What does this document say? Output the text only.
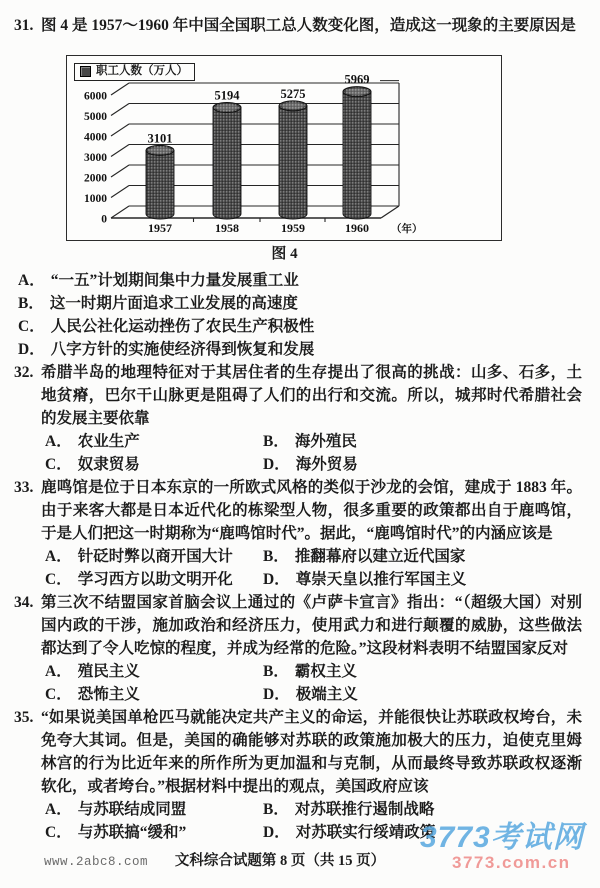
31. 图 4 是 1957～1960 年中国全国职工总人数变化图，造成这一现象的主要原因是
0
1000
2000
3000
4000
5000
6000
3101
1957
5194
1958
5275
1959
5969
1960 （年）
职工人数（万人）
图 4
A． “一五”计划期间集中力量发展重工业
B． 这一时期片面追求工业发展的高速度
C． 人民公社化运动挫伤了农民生产积极性
D． 八字方针的实施使经济得到恢复和发展
32. 希腊半岛的地理特征对于其居住者的生存提出了很高的挑战：山多、石多，土地贫瘠，巴尔干山脉更是阻碍了人们的出行和交流。所以，城邦时代希腊社会的发展主要依靠
A． 农业生产	B． 海外殖民
C． 奴隶贸易	D． 海外贸易
33. 鹿鸣馆是位于日本东京的一所欧式风格的类似于沙龙的会馆，建成于 1883 年。由于来客大都是日本近代化的栋梁型人物，很多重要的政策都出自于鹿鸣馆，于是人们把这一时期称为“鹿鸣馆时代”。据此，“鹿鸣馆时代”的内涵应该是
A． 针砭时弊以商开国大计	B． 推翻幕府以建立近代国家
C． 学习西方以助文明开化	D． 尊崇天皇以推行军国主义
34. 第三次不结盟国家首脑会议上通过的《卢萨卡宣言》指出：“（超级大国）对别国内政的干涉，施加政治和经济压力，使用武力和进行颠覆的威胁，这些做法都达到了令人吃惊的程度，并成为经常的危险。”这段材料表明不结盟国家反对
A． 殖民主义	B． 霸权主义
C． 恐怖主义	D． 极端主义
35. “如果说美国单枪匹马就能决定共产主义的命运，并能很快让苏联政权垮台，未免夸大其词。但是，美国的确能够对苏联的政策施加极大的压力，迫使克里姆林宫的行为比近年来的所作所为更加温和与克制，从而最终导致苏联政权逐渐软化，或者垮台。”根据材料中提出的观点，美国政府应该
A． 与苏联结成同盟	B． 对苏联推行遏制战略
C． 与苏联搞“缓和”	D． 对苏联实行绥靖政策
www.2abc8.com	文科综合试题第 8 页（共 15 页）
3773考试网
3773.com.cn
